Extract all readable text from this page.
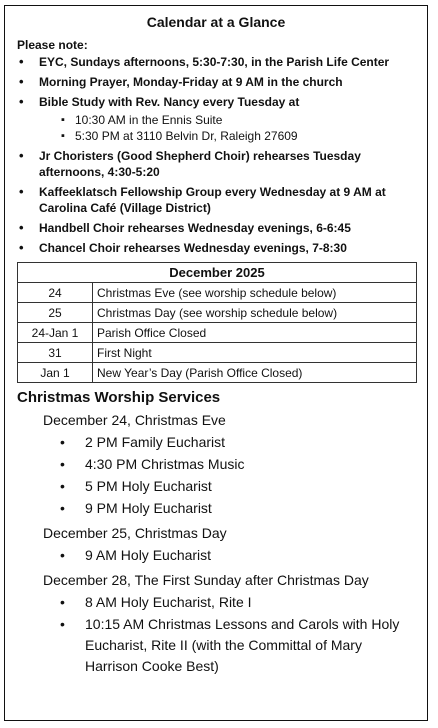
Calendar at a Glance
Please note:
• EYC, Sundays afternoons, 5:30-7:30, in the Parish Life Center
• Morning Prayer, Monday-Friday at 9 AM in the church
• Bible Study with Rev. Nancy every Tuesday at
▪ 10:30 AM in the Ennis Suite
▪ 5:30 PM at 3110 Belvin Dr, Raleigh 27609
• Jr Choristers (Good Shepherd Choir) rehearses Tuesday afternoons, 4:30-5:20
• Kaffeeklatsch Fellowship Group every Wednesday at 9 AM at Carolina Café (Village District)
• Handbell Choir rehearses Wednesday evenings, 6-6:45
• Chancel Choir rehearses Wednesday evenings, 7-8:30
December 2025	
24	Christmas Eve (see worship schedule below)
25	Christmas Day (see worship schedule below)
24-Jan 1	Parish Office Closed
31	First Night
Jan 1	New Year’s Day (Parish Office Closed)
Christmas Worship Services
December 24, Christmas Eve
• 2 PM Family Eucharist
• 4:30 PM Christmas Music
• 5 PM Holy Eucharist
• 9 PM Holy Eucharist
December 25, Christmas Day
• 9 AM Holy Eucharist
December 28, The First Sunday after Christmas Day
• 8 AM Holy Eucharist, Rite I
• 10:15 AM Christmas Lessons and Carols with Holy Eucharist, Rite II (with the Committal of Mary Harrison Cooke Best)
